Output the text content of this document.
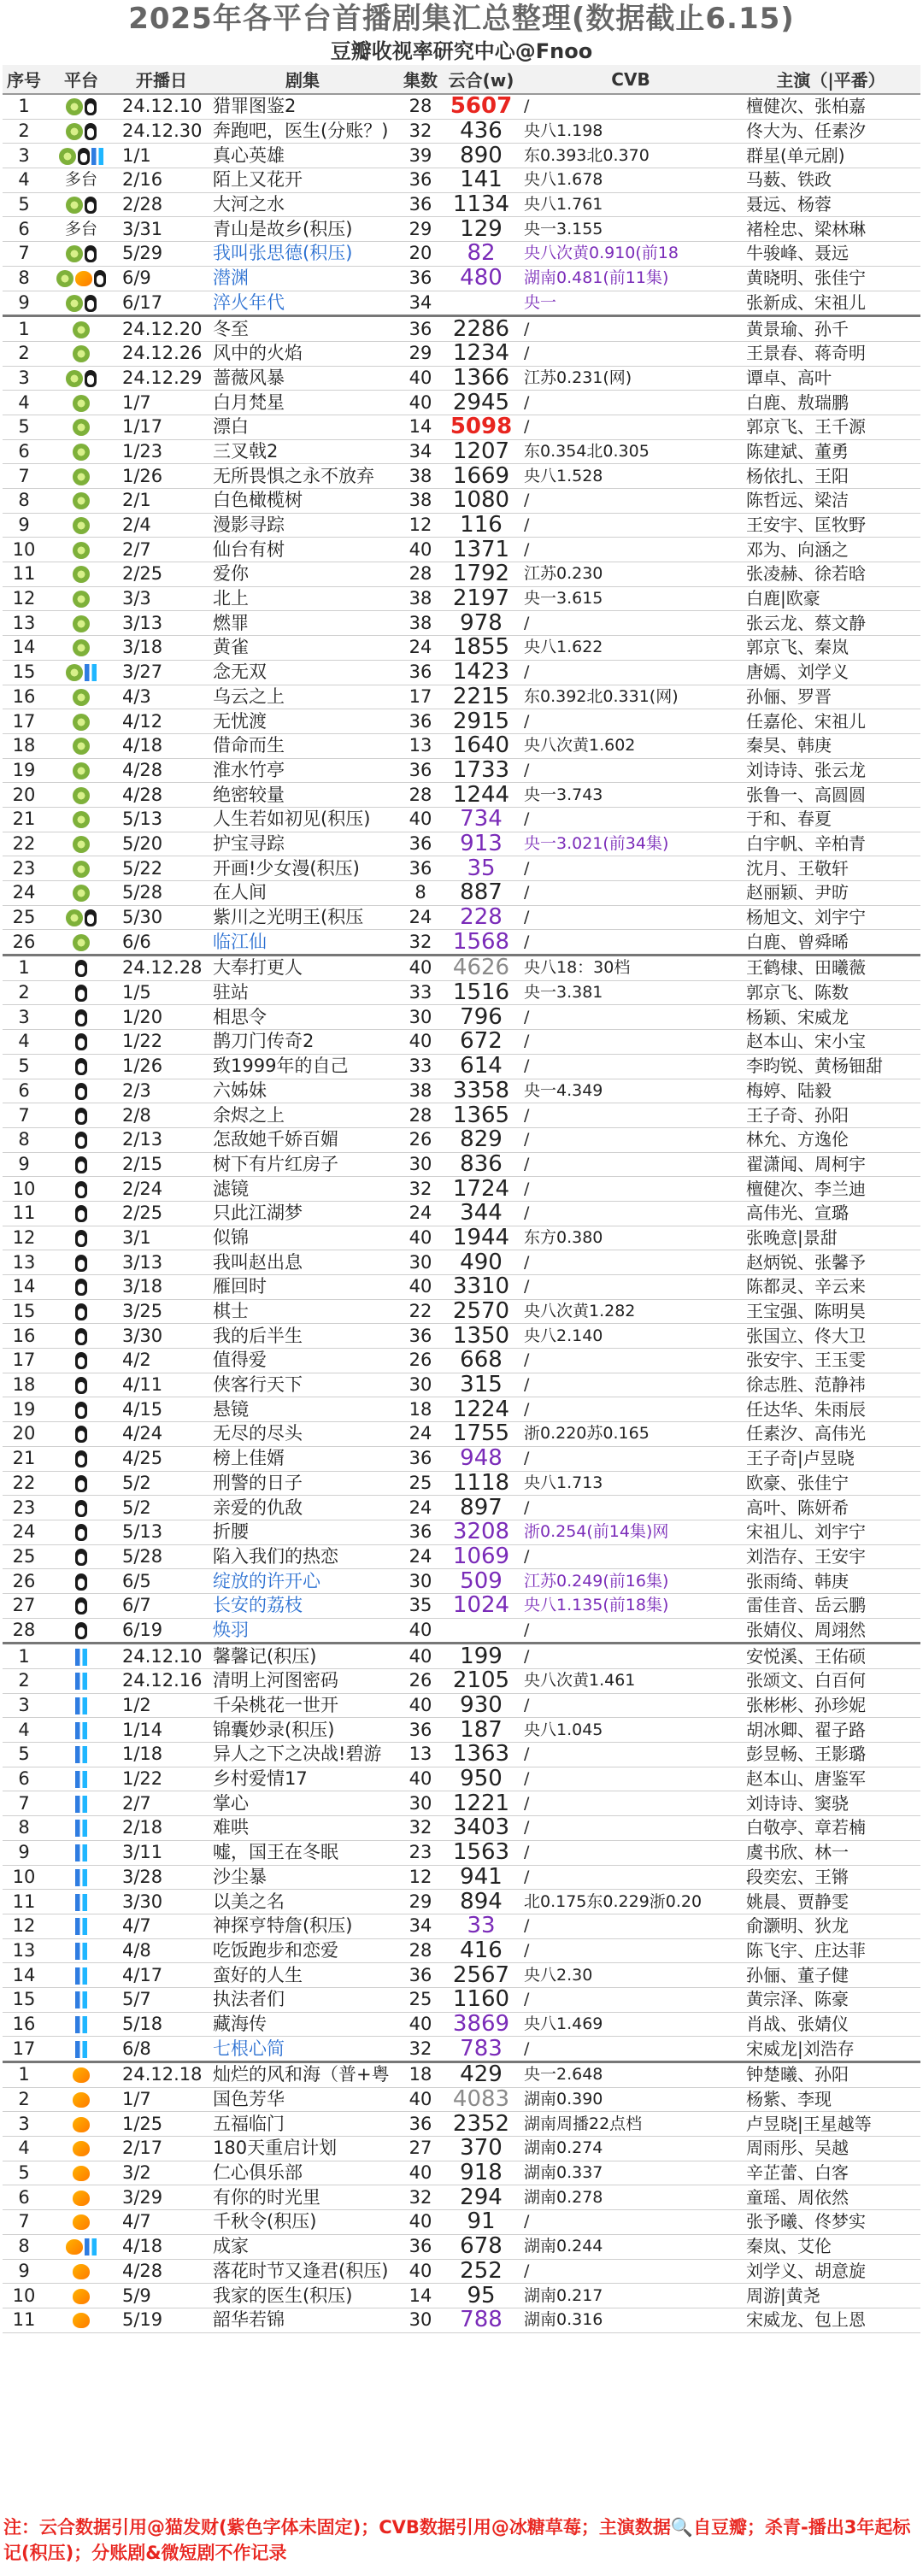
2025年各平台首播剧集汇总整理(数据截止6.15)
豆瓣收视率研究中心@Fnoo
序号	平台	开播日	剧集	集数	云合(w)	CVB	主演（|平番）
1		24.12.10	猎罪图鉴2	28	5607	/	檀健次、张柏嘉
2		24.12.30	奔跑吧，医生(分账？)	32	436	央八1.198	佟大为、任素汐
3		1/1	真心英雄	39	890	东0.393北0.370	群星(单元剧)
4	多台	2/16	陌上又花开	36	141	央八1.678	马薮、铁政
5		2/28	大河之水	36	1134	央八1.761	聂远、杨蓉
6	多台	3/31	青山是故乡(积压)	29	129	央一3.155	褚栓忠、梁林琳
7		5/29	我叫张思德(积压)	20	82	央八次黄0.910(前18	牛骏峰、聂远
8		6/9	潜渊	36	480	湖南0.481(前11集)	黄晓明、张佳宁
9		6/17	淬火年代	34		央一	张新成、宋祖儿
1		24.12.20	冬至	36	2286	/	黄景瑜、孙千
2		24.12.26	风中的火焰	29	1234	/	王景春、蒋奇明
3		24.12.29	蔷薇风暴	40	1366	江苏0.231(网)	谭卓、高叶
4		1/7	白月梵星	40	2945	/	白鹿、敖瑞鹏
5		1/17	漂白	14	5098	/	郭京飞、王千源
6		1/23	三叉戟2	34	1207	东0.354北0.305	陈建斌、董勇
7		1/26	无所畏惧之永不放弃	38	1669	央八1.528	杨依扎、王阳
8		2/1	白色橄榄树	38	1080	/	陈哲远、梁洁
9		2/4	漫影寻踪	12	116	/	王安宇、匡牧野
10		2/7	仙台有树	40	1371	/	邓为、向涵之
11		2/25	爱你	28	1792	江苏0.230	张凌赫、徐若晗
12		3/3	北上	38	2197	央一3.615	白鹿|欧豪
13		3/13	燃罪	38	978	/	张云龙、蔡文静
14		3/18	黄雀	24	1855	央八1.622	郭京飞、秦岚
15		3/27	念无双	36	1423	/	唐嫣、刘学义
16		4/3	乌云之上	17	2215	东0.392北0.331(网)	孙俪、罗晋
17		4/12	无忧渡	36	2915	/	任嘉伦、宋祖儿
18		4/18	借命而生	13	1640	央八次黄1.602	秦昊、韩庚
19		4/28	淮水竹亭	36	1733	/	刘诗诗、张云龙
20		4/28	绝密较量	28	1244	央一3.743	张鲁一、高圆圆
21		5/13	人生若如初见(积压)	40	734	/	于和、春夏
22		5/20	护宝寻踪	36	913	央一3.021(前34集)	白宇帆、辛柏青
23		5/22	开画!少女漫(积压)	36	35	/	沈月、王敬轩
24		5/28	在人间	8	887	/	赵丽颖、尹昉
25		5/30	紫川之光明王(积压	24	228	/	杨旭文、刘宇宁
26		6/6	临江仙	32	1568	/	白鹿、曾舜晞
1		24.12.28	大奉打更人	40	4626	央八18：30档	王鹤棣、田曦薇
2		1/5	驻站	33	1516	央一3.381	郭京飞、陈数
3		1/20	相思令	30	796	/	杨颖、宋威龙
4		1/22	鹊刀门传奇2	40	672	/	赵本山、宋小宝
5		1/26	致1999年的自己	33	614	/	李昀锐、黄杨钿甜
6		2/3	六姊妹	38	3358	央一4.349	梅婷、陆毅
7		2/8	余烬之上	28	1365	/	王子奇、孙阳
8		2/13	怎敌她千娇百媚	26	829	/	林允、方逸伦
9		2/15	树下有片红房子	30	836	/	翟潇闻、周柯宇
10		2/24	滤镜	32	1724	/	檀健次、李兰迪
11		2/25	只此江湖梦	24	344	/	高伟光、宣璐
12		3/1	似锦	40	1944	东方0.380	张晚意|景甜
13		3/13	我叫赵出息	30	490	/	赵炳锐、张馨予
14		3/18	雁回时	40	3310	/	陈都灵、辛云来
15		3/25	棋士	22	2570	央八次黄1.282	王宝强、陈明昊
16		3/30	我的后半生	36	1350	央八2.140	张国立、佟大卫
17		4/2	值得爱	26	668	/	张安宇、王玉雯
18		4/11	侠客行天下	30	315	/	徐志胜、范静祎
19		4/15	悬镜	18	1224	/	任达华、朱雨辰
20		4/24	无尽的尽头	24	1755	浙0.220苏0.165	任素汐、高伟光
21		4/25	榜上佳婿	36	948	/	王子奇|卢昱晓
22		5/2	刑警的日子	25	1118	央八1.713	欧豪、张佳宁
23		5/2	亲爱的仇敌	24	897	/	高叶、陈妍希
24		5/13	折腰	36	3208	浙0.254(前14集)网	宋祖儿、刘宇宁
25		5/28	陷入我们的热恋	24	1069	/	刘浩存、王安宇
26		6/5	绽放的许开心	30	509	江苏0.249(前16集)	张雨绮、韩庚
27		6/7	长安的荔枝	35	1024	央八1.135(前18集)	雷佳音、岳云鹏
28		6/19	焕羽	40		/	张婧仪、周翊然
1		24.12.10	馨馨记(积压)	40	199	/	安悦溪、王佑硕
2		24.12.16	清明上河图密码	26	2105	央八次黄1.461	张颂文、白百何
3		1/2	千朵桃花一世开	40	930	/	张彬彬、孙珍妮
4		1/14	锦囊妙录(积压)	36	187	央八1.045	胡冰卿、翟子路
5		1/18	异人之下之决战!碧游	13	1363	/	彭昱畅、王影璐
6		1/22	乡村爱情17	40	950	/	赵本山、唐鉴军
7		2/7	掌心	30	1221	/	刘诗诗、窦骁
8		2/18	难哄	32	3403	/	白敬亭、章若楠
9		3/11	嘘，国王在冬眠	23	1563	/	虞书欣、林一
10		3/28	沙尘暴	12	941	/	段奕宏、王锵
11		3/30	以美之名	29	894	北0.175东0.229浙0.20	姚晨、贾静雯
12		4/7	神探亨特詹(积压)	34	33	/	俞灏明、狄龙
13		4/8	吃饭跑步和恋爱	28	416	/	陈飞宇、庄达菲
14		4/17	蛮好的人生	36	2567	央八2.30	孙俪、董子健
15		5/7	执法者们	25	1160	/	黄宗泽、陈豪
16		5/18	藏海传	40	3869	央八1.469	肖战、张婧仪
17		6/8	七根心简	32	783	/	宋威龙|刘浩存
1		24.12.18	灿烂的风和海（普+粤	18	429	央一2.648	钟楚曦、孙阳
2		1/7	国色芳华	40	4083	湖南0.390	杨紫、李现
3		1/25	五福临门	36	2352	湖南周播22点档	卢昱晓|王星越等
4		2/17	180天重启计划	27	370	湖南0.274	周雨彤、吴越
5		3/2	仁心俱乐部	40	918	湖南0.337	辛芷蕾、白客
6		3/29	有你的时光里	32	294	湖南0.278	童瑶、周依然
7		4/7	千秋令(积压)	40	91	/	张予曦、佟梦实
8		4/18	成家	36	678	湖南0.244	秦岚、艾伦
9		4/28	落花时节又逢君(积压)	40	252	/	刘学义、胡意旋
10		5/9	我家的医生(积压)	14	95	湖南0.217	周游|黄尧
11		5/19	韶华若锦	30	788	湖南0.316	宋威龙、包上恩
注：云合数据引用@猫发财(紫色字体未固定)；CVB数据引用@冰糖草莓；主演数据🔍自豆瓣；杀青-播出3年起标记(积压)；分账剧&微短剧不作记录
